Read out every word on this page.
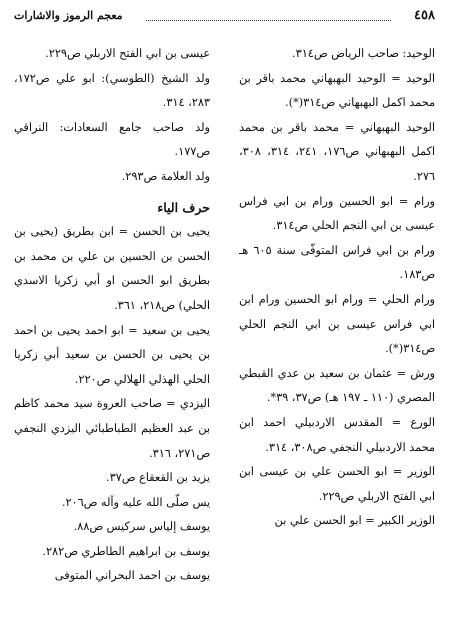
٤٥٨
معجم الرموز والاشارات

الوحيد: صاحب الرياض ص٣١٤.

الوحيد = الوحيد البهبهاني محمد باقر بن محمد اكمل البهبهاني ص٣١٤(*).

الوحيد البهبهاني = محمد باقر بن محمد اكمل البهبهاني ص١٧٦، ٢٤١، ٣١٤، ٣٠٨، ٢٧٦.

ورام = ابو الحسين ورام بن ابي فراس عيسى بن ابي النجم الحلي ص٣١٤.

ورام بن ابي فراس المتوفّى سنة ٦٠٥ هـ ص١٨٣.

ورام الحلي = ورام ابو الحسين ورام ابن ابي فراس عيسى بن ابي النجم الحلي ص٣١٤(*).

ورش = عثمان بن سعيد بن عدي القبطي المصري (١١٠ ـ ١٩٧ هـ) ص٣٧، ٣٩*.

الورع = المقدس الاردبيلي احمد ابن محمد الاردبيلي النجفي ص٣٠٨، ٣١٤.

الوزير = ابو الحسن علي بن عيسى ابن ابي الفتح الاربلي ص٢٢٩.

الوزير الكبير = ابو الحسن علي بن

عيسى بن ابي الفتح الاربلي ص٢٢٩.

ولد الشيخ (الطوسي): ابو علي ص١٧٢، ٢٨٣، ٣١٤.

ولد صاحب جامع السعادات: النراقي ص١٧٧.

ولد العلامة ص٢٩٣.

حرف الياء

يحيى بن الحسن = ابن بطريق (يحيى بن الحسن بن الحسين بن علي بن محمد بن بطريق ابو الحسن او أبي زكريا الاسدي الحلي) ص٢١٨، ٣٦١.

يحيى بن سعيد = ابو احمد يحيى بن احمد بن يحيى بن الحسن بن سعيد أبي زكريا الحلي الهذلي الهلالي ص٢٢٠.

اليزدي = صاحب العروة سيد محمد كاظم بن عبد العظيم الطباطبائي اليزدي النجفي ص٢٧١، ٣١٦.

يزيد بن القعقاع ص٣٧.

يس صلّى الله عليه وآله ص٢٠٦.

يوسف إلياس سركيس ص٨٨.

يوسف بن ابراهيم الطاطري ص٢٨٢.

يوسف بن احمد البحراني المتوفى
